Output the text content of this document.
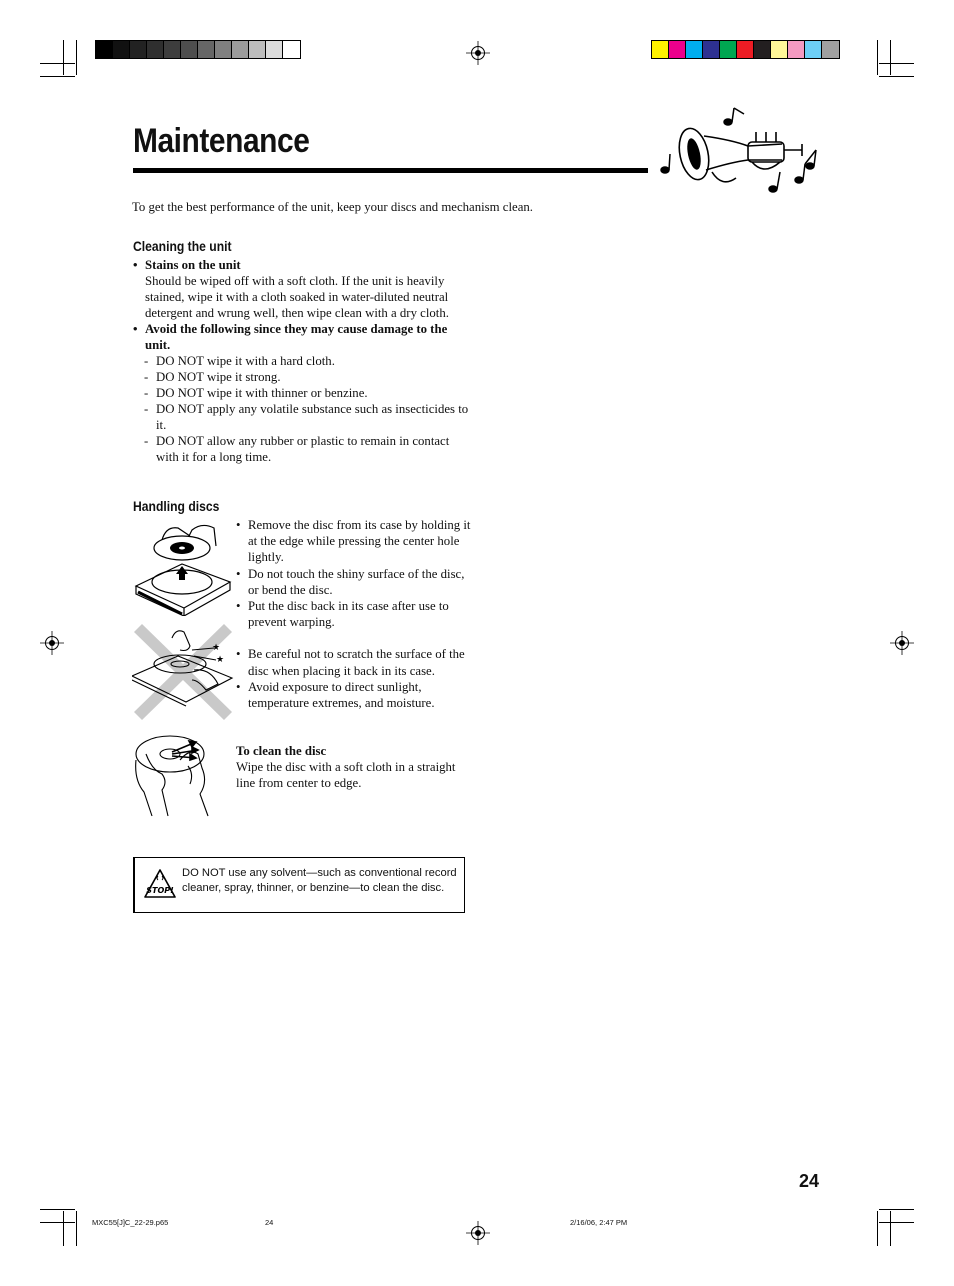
Maintenance
To get the best performance of the unit, keep your discs and mechanism clean.
Cleaning the unit

• Stains on the unit

Should be wiped off with a soft cloth. If the unit is heavily stained, wipe it with a cloth soaked in water-diluted neutral detergent and wrung well, then wipe clean with a dry cloth.

• Avoid the following since they may cause damage to the unit.

- DO NOT wipe it with a hard cloth.

- DO NOT wipe it strong.

- DO NOT wipe it with thinner or benzine.

- DO NOT apply any volatile substance such as insecticides to it.

- DO NOT allow any rubber or plastic to remain in contact with it for a long time.

Handling discs
★
★

• Remove the disc from its case by holding it at the edge while pressing the center hole lightly.

• Do not touch the shiny surface of the disc, or bend the disc.

• Put the disc back in its case after use to prevent warping.

• Be careful not to scratch the surface of the disc when placing it back in its case.

• Avoid exposure to direct sunlight, temperature extremes, and moisture.

To clean the disc

Wipe the disc with a soft cloth in a straight line from center to edge.

STOP!
DO NOT use any solvent—such as conventional record cleaner, spray, thinner, or benzine—to clean the disc.
24
MXC55[J]C_22-29.p65	24	2/16/06, 2:47 PM
